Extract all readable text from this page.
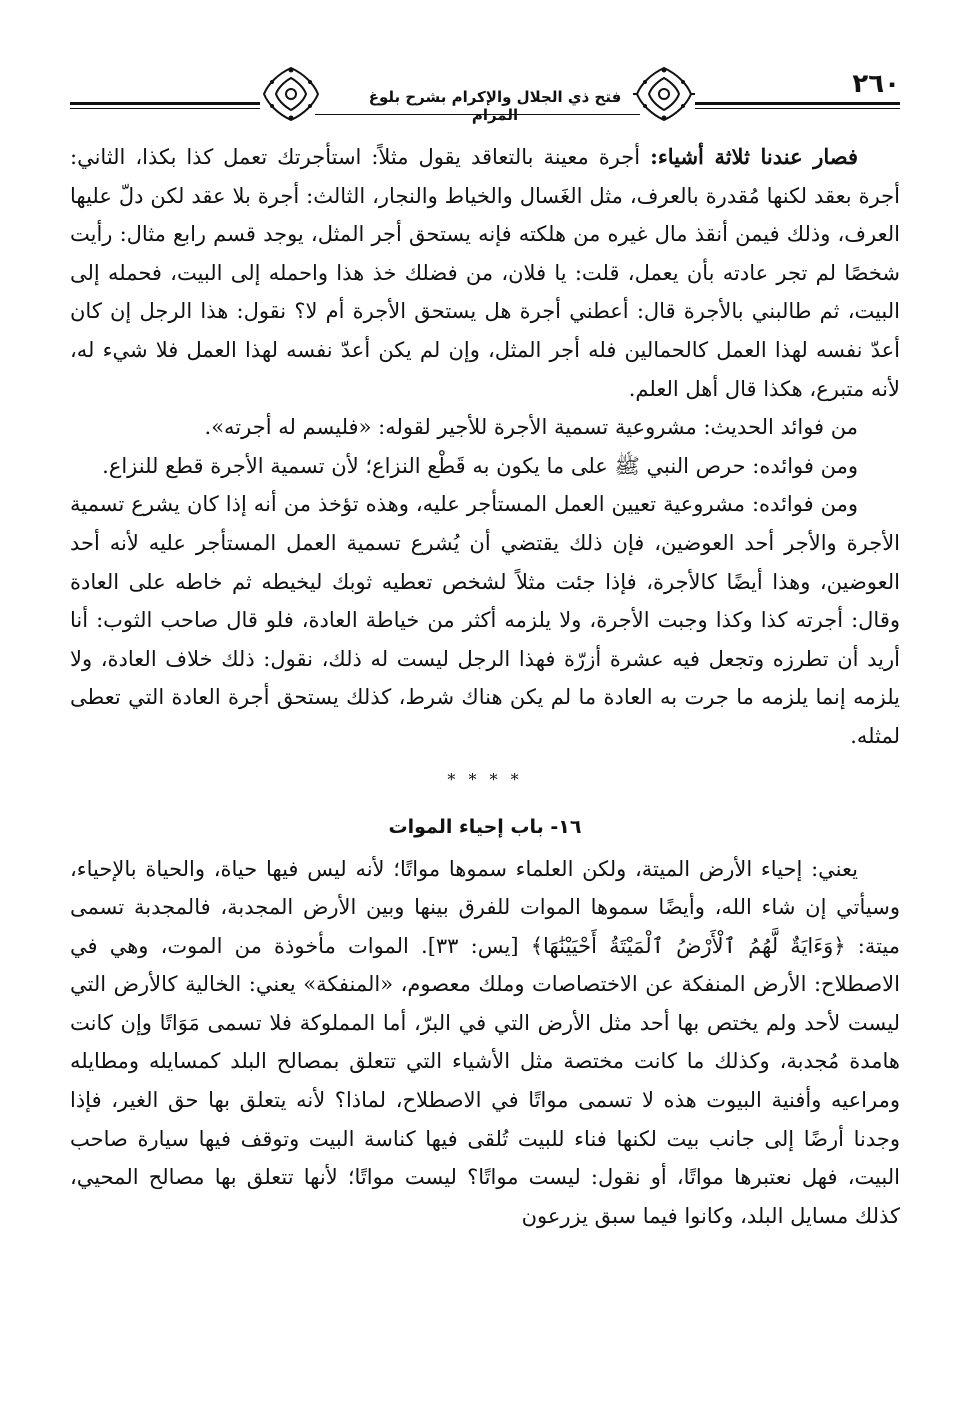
٢٦٠
فتح ذي الجلال والإكرام بشرح بلوغ المرام

فصار عندنا ثلاثة أشياء: أجرة معينة بالتعاقد يقول مثلاً: استأجرتك تعمل كذا بكذا، الثاني: أجرة بعقد لكنها مُقدرة بالعرف، مثل الغَسال والخياط والنجار، الثالث: أجرة بلا عقد لكن دلّ عليها العرف، وذلك فيمن أنقذ مال غيره من هلكته فإنه يستحق أجر المثل، يوجد قسم رابع مثال: رأيت شخصًا لم تجر عادته بأن يعمل، قلت: يا فلان، من فضلك خذ هذا واحمله إلى البيت، فحمله إلى البيت، ثم طالبني بالأجرة قال: أعطني أجرة هل يستحق الأجرة أم لا؟ نقول: هذا الرجل إن كان أعدّ نفسه لهذا العمل كالحمالين فله أجر المثل، وإن لم يكن أعدّ نفسه لهذا العمل فلا شيء له، لأنه متبرع، هكذا قال أهل العلم.

من فوائد الحديث: مشروعية تسمية الأجرة للأجير لقوله: «فليسم له أجرته».

ومن فوائده: حرص النبي ﷺ على ما يكون به قَطْع النزاع؛ لأن تسمية الأجرة قطع للنزاع.

ومن فوائده: مشروعية تعيين العمل المستأجر عليه، وهذه تؤخذ من أنه إذا كان يشرع تسمية الأجرة والأجر أحد العوضين، فإن ذلك يقتضي أن يُشرع تسمية العمل المستأجر عليه لأنه أحد العوضين، وهذا أيضًا كالأجرة، فإذا جئت مثلاً لشخص تعطيه ثوبك ليخيطه ثم خاطه على العادة وقال: أجرته كذا وكذا وجبت الأجرة، ولا يلزمه أكثر من خياطة العادة، فلو قال صاحب الثوب: أنا أريد أن تطرزه وتجعل فيه عشرة أزرّة فهذا الرجل ليست له ذلك، نقول: ذلك خلاف العادة، ولا يلزمه إنما يلزمه ما جرت به العادة ما لم يكن هناك شرط، كذلك يستحق أجرة العادة التي تعطى لمثله.

* * * *
١٦- باب إحياء الموات

يعني: إحياء الأرض الميتة، ولكن العلماء سموها مواتًا؛ لأنه ليس فيها حياة، والحياة بالإحياء، وسيأتي إن شاء الله، وأيضًا سموها الموات للفرق بينها وبين الأرض المجدبة، فالمجدبة تسمى ميتة: ﴿وَءَايَةٌ لَّهُمُ ٱلْأَرْضُ ٱلْمَيْتَةُ أَحْيَيْنَٰهَا﴾ [يس: ٣٣]. الموات مأخوذة من الموت، وهي في الاصطلاح: الأرض المنفكة عن الاختصاصات وملك معصوم، «المنفكة» يعني: الخالية كالأرض التي ليست لأحد ولم يختص بها أحد مثل الأرض التي في البرّ، أما المملوكة فلا تسمى مَوَاتًا وإن كانت هامدة مُجدبة، وكذلك ما كانت مختصة مثل الأشياء التي تتعلق بمصالح البلد كمسايله ومطايله ومراعيه وأفنية البيوت هذه لا تسمى مواتًا في الاصطلاح، لماذا؟ لأنه يتعلق بها حق الغير، فإذا وجدنا أرضًا إلى جانب بيت لكنها فناء للبيت تُلقى فيها كناسة البيت وتوقف فيها سيارة صاحب البيت، فهل نعتبرها مواتًا، أو نقول: ليست مواتًا؟ ليست مواتًا؛ لأنها تتعلق بها مصالح المحيي، كذلك مسايل البلد، وكانوا فيما سبق يزرعون
